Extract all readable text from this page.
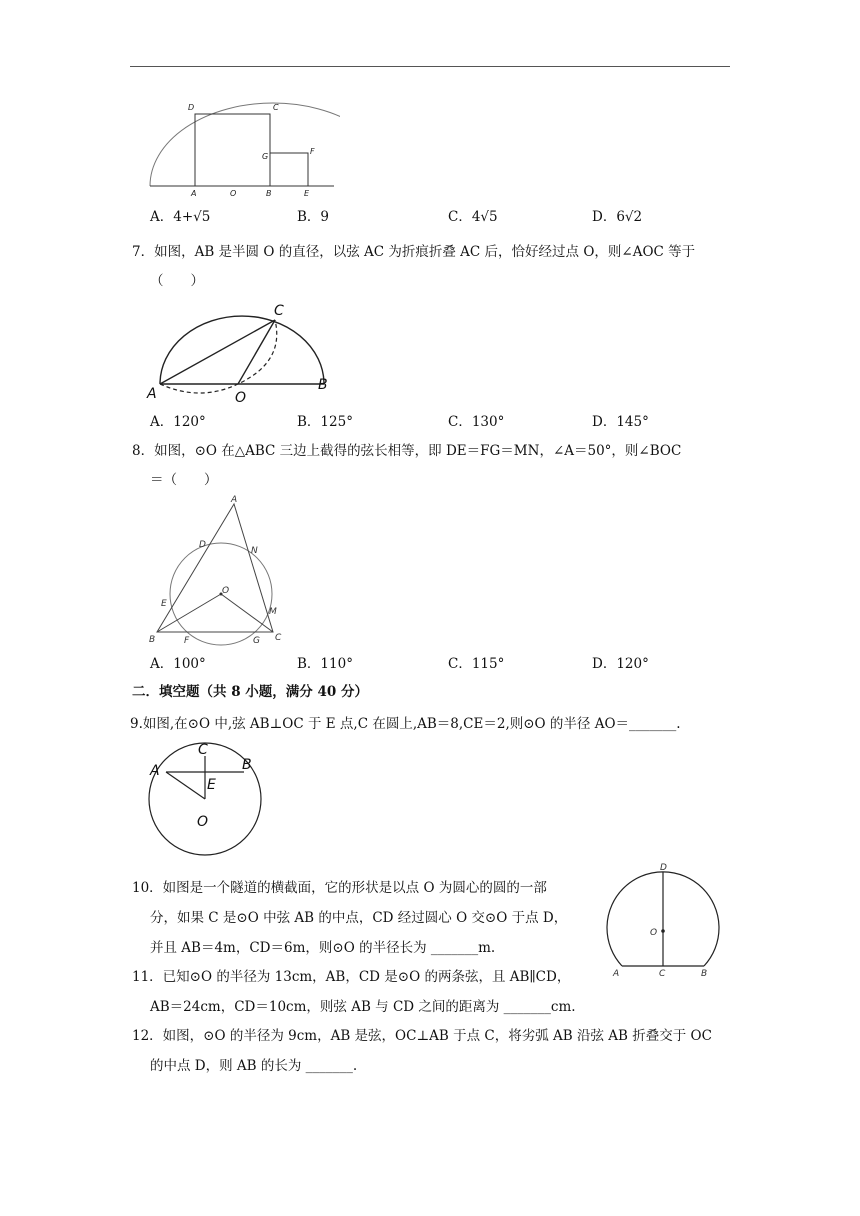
D	C
G
F
A	O	B	E
A．4+√5	B．9	C．4√5	D．6√2
7．如图，AB 是半圆 O 的直径，以弦 AC 为折痕折叠 AC 后，恰好经过点 O，则∠AOC 等于
（　　）
C
A	O
B
A．120°	B．125°	C．130°	D．145°
8．如图，⊙O 在△ABC 三边上截得的弦长相等，即 DE＝FG＝MN，∠A＝50°，则∠BOC
＝（　　）
A
D
N
O
E
M
B	F	G C
A．100°	B．110°	C．115°	D．120°
二．填空题（共 8 小题，满分 40 分）
9.如图,在⊙O 中,弦 AB⊥OC 于 E 点,C 在圆上,AB＝8,CE＝2,则⊙O 的半径 AO＝_______.
C
A	B
E
O
10．如图是一个隧道的横截面，它的形状是以点 O 为圆心的圆的一部
分，如果 C 是⊙O 中弦 AB 的中点，CD 经过圆心 O 交⊙O 于点 D，
并且 AB＝4m，CD＝6m，则⊙O 的半径长为 _______m.
D
O
A	C	B
11．已知⊙O 的半径为 13cm，AB，CD 是⊙O 的两条弦，且 AB∥CD，
AB＝24cm，CD＝10cm，则弦 AB 与 CD 之间的距离为 _______cm.
12．如图，⊙O 的半径为 9cm，AB 是弦，OC⊥AB 于点 C，将劣弧 AB 沿弦 AB 折叠交于 OC
的中点 D，则 AB 的长为 _______.
